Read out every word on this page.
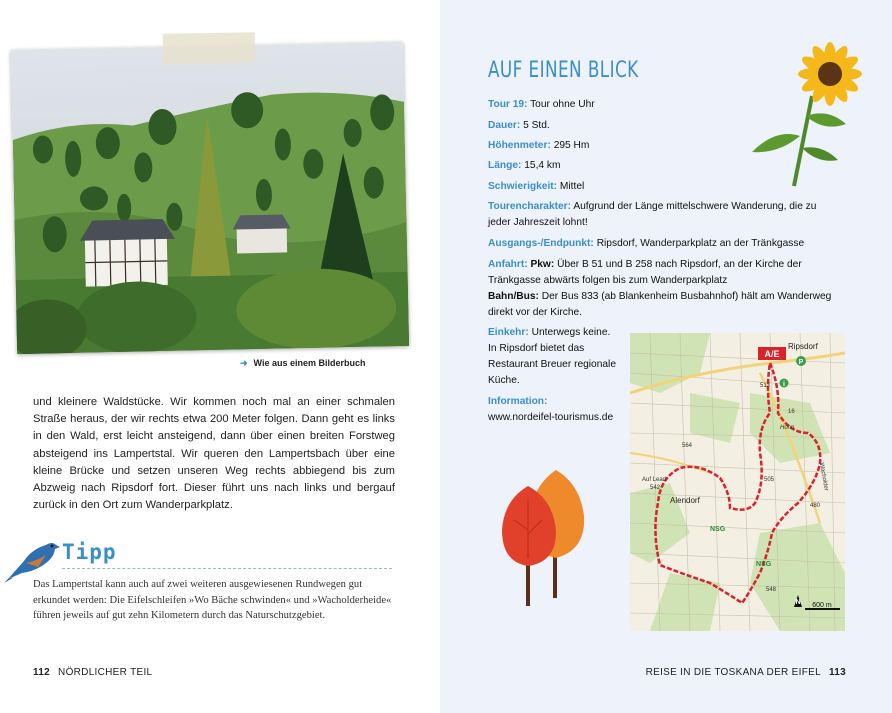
➜ Wie aus einem Bilderbuch

und kleinere Waldstücke. Wir kommen noch mal an einer schmalen Straße heraus, der wir rechts etwa 200 Meter folgen. Dann geht es links in den Wald, erst leicht ansteigend, dann über einen breiten Forstweg absteigend ins Lampertstal. Wir queren den Lampertsbach über eine kleine Brücke und setzen unseren Weg rechts abbiegend bis zum Abzweig nach Ripsdorf fort. Dieser führt uns nach links und bergauf zurück in den Ort zum Wanderparkplatz.

Tipp

Das Lampertstal kann auch auf zwei weiteren ausgewiesenen Rundwegen gut erkundet werden: Die Eifelschleifen »Wo Bäche schwinden« und »Wacholderheide« führen jeweils auf gut zehn Kilometern durch das Naturschutzgebiet.

112 NÖRDLICHER TEIL	REISE IN DIE TOSKANA DER EIFEL 113
AUF EINEN BLICK
Tour 19: Tour ohne Uhr
Dauer: 5 Std.
Höhenmeter: 295 Hm
Länge: 15,4 km
Schwierigkeit: Mittel
Tourencharakter: Aufgrund der Länge mittelschwere Wanderung, die zu jeder Jahreszeit lohnt!
Ausgangs-/Endpunkt: Ripsdorf, Wanderparkplatz an der Tränkgasse
Anfahrt: Pkw: Über B 51 und B 258 nach Ripsdorf, an der Kirche der Tränkgasse abwärts folgen bis zum Wanderparkplatz
Bahn/Bus: Der Bus 833 (ab Blankenheim Busbahnhof) hält am Wanderweg direkt vor der Kirche.
Einkehr: Unterwegs keine.
In Ripsdorf bietet das Restaurant Breuer regionale Küche.
Information:
www.nordeifel-tourismus.de
A/E
P
i
Ripsdorf
Alendorf
NSG
NSG
Auf Lead
542
Hohn
Wacholder
564
505
480
548
513
16
N 600 m
